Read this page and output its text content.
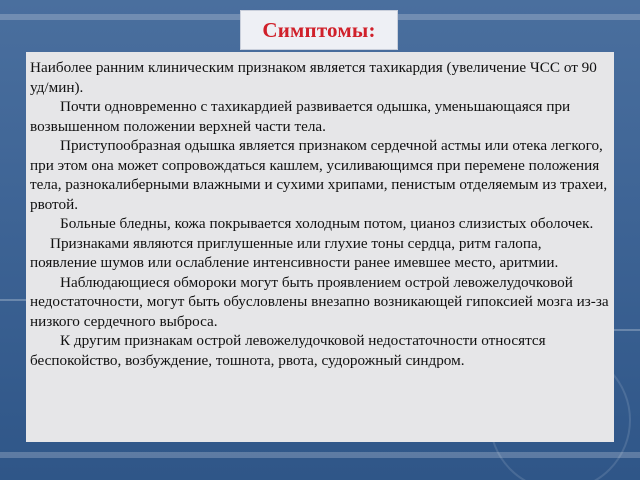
Симптомы:

Наиболее ранним клиническим признаком является тахикардия (увеличение ЧСС от 90 уд/мин).

Почти одновременно с тахикардией развивается одышка, уменьшающаяся при возвышенном положении верхней части тела.

Приступообразная одышка является признаком сердечной астмы или отека легкого, при этом она может сопровождаться кашлем, усиливающимся при перемене положения тела, разнокалиберными влажными и сухими хрипами, пенистым отделяемым из трахеи, рвотой.

Больные бледны, кожа покрывается холодным потом, цианоз слизистых оболочек.

Признаками являются приглушенные или глухие тоны сердца, ритм галопа, появление шумов или ослабление интенсивности ранее имевшее место, аритмии.

Наблюдающиеся обмороки могут быть проявлением острой левожелудочковой недостаточности, могут быть обусловлены внезапно возникающей гипоксией мозга из-за низкого сердечного выброса.

К другим признакам острой левожелудочковой недостаточности относятся беспокойство, возбуждение, тошнота, рвота, судорожный синдром.
